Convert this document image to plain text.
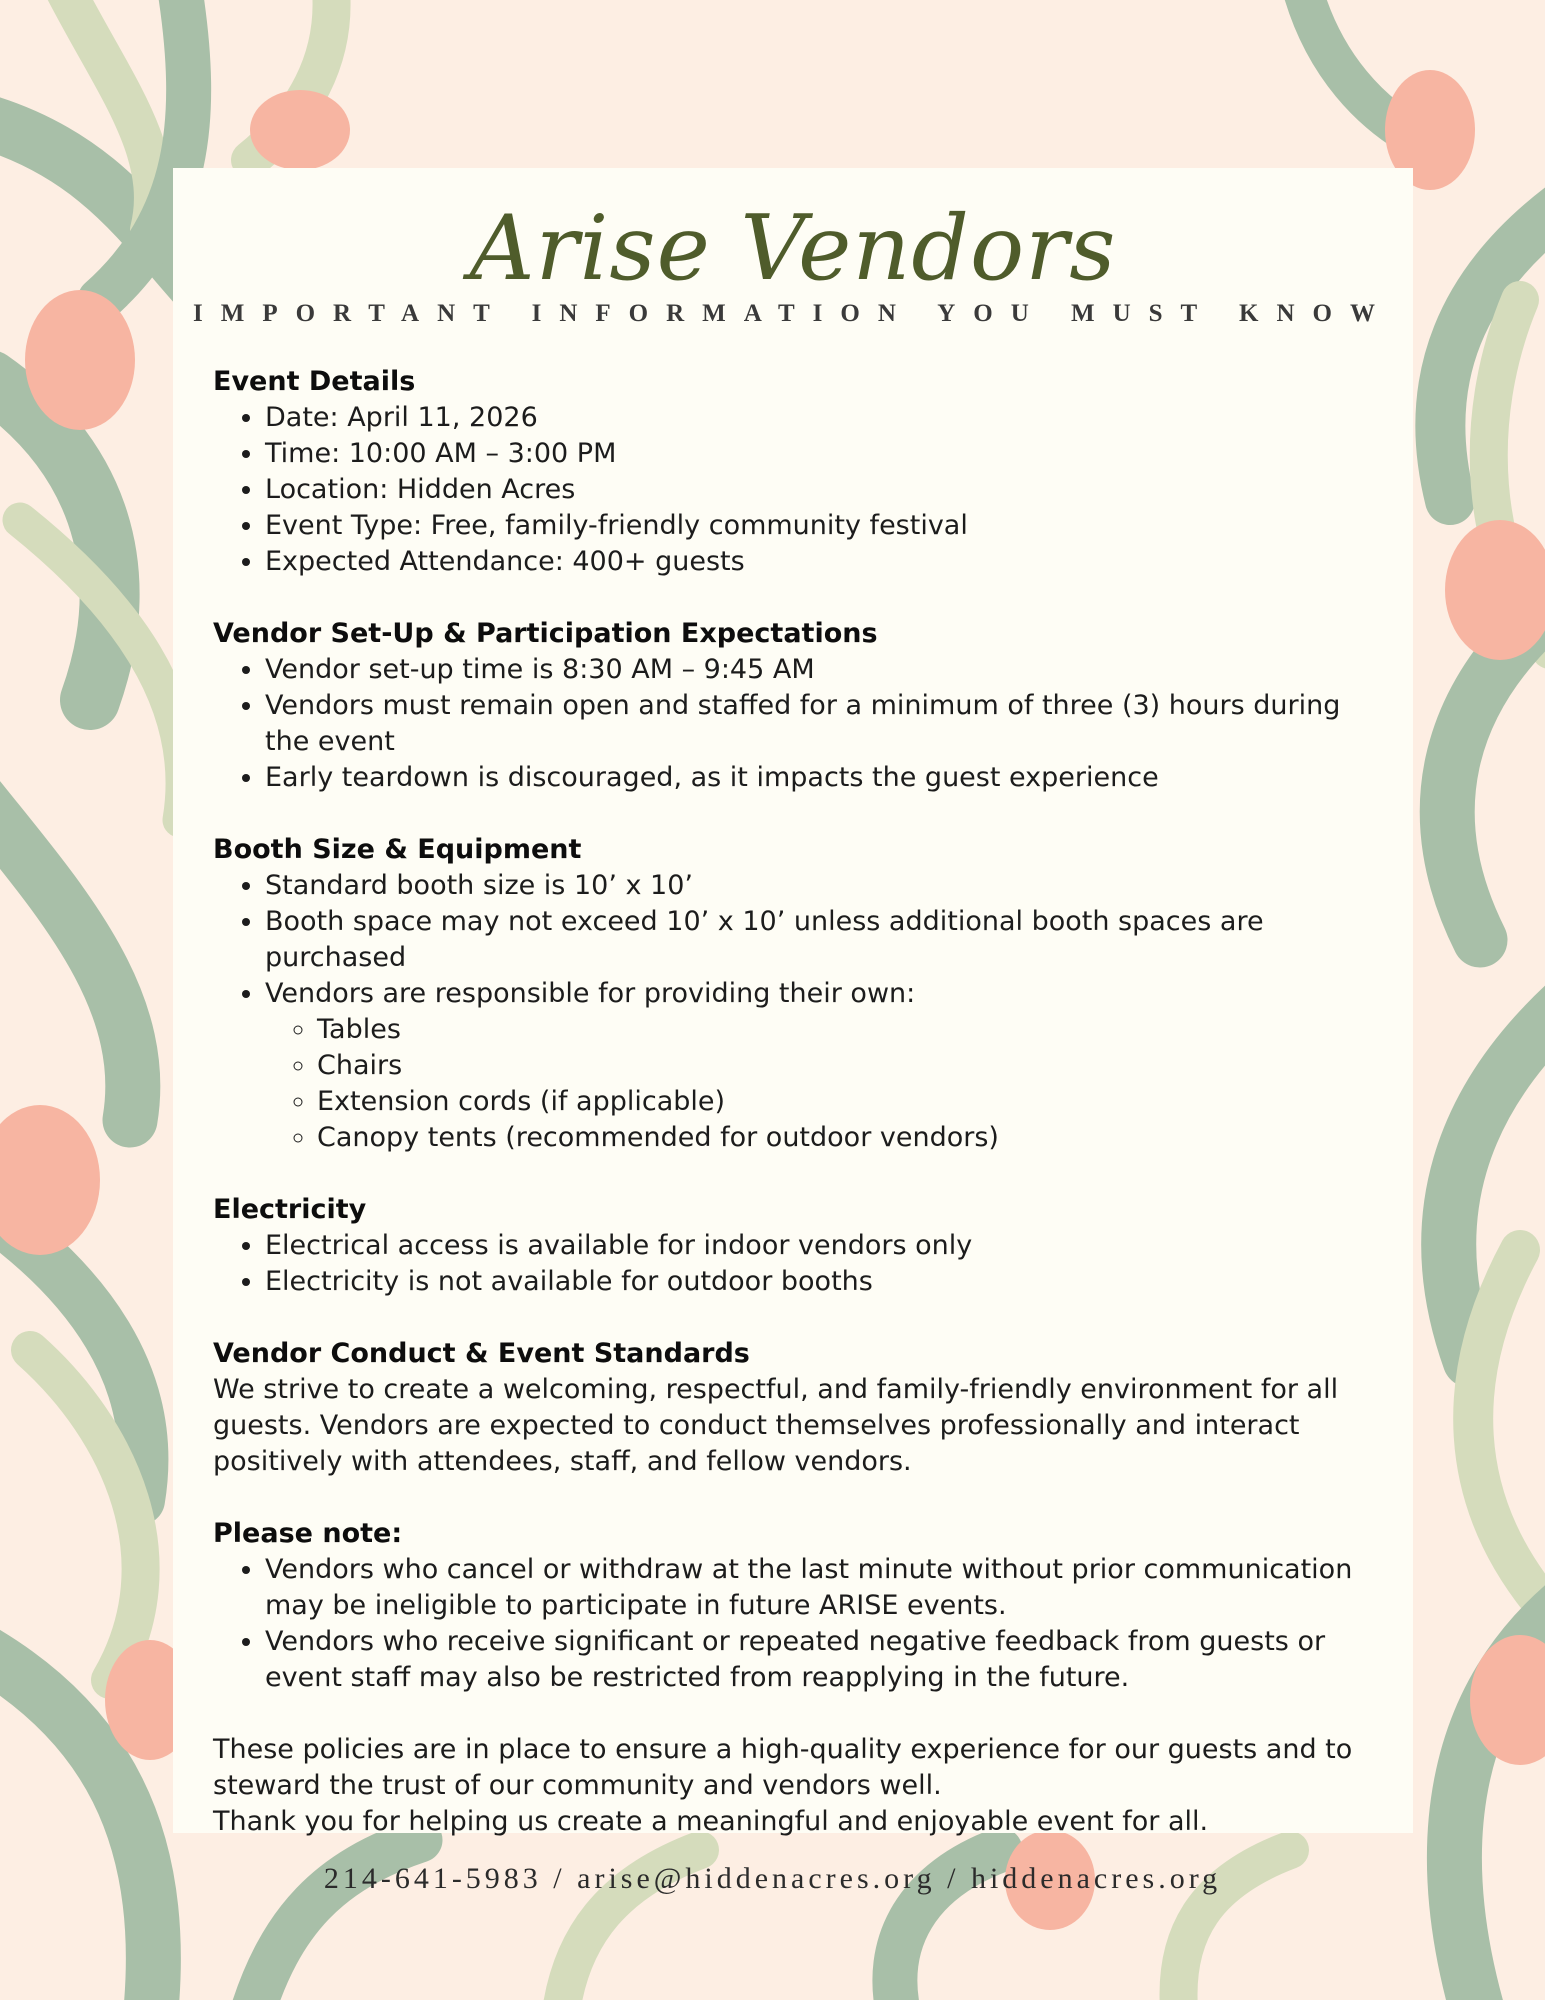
Arise Vendors
IMPORTANT INFORMATION YOU MUST KNOW
Event Details
• Date: April 11, 2026
• Time: 10:00 AM – 3:00 PM
• Location: Hidden Acres
• Event Type: Free, family-friendly community festival
• Expected Attendance: 400+ guests
Vendor Set-Up & Participation Expectations
• Vendor set-up time is 8:30 AM – 9:45 AM
• Vendors must remain open and staffed for a minimum of three (3) hours during the event
• Early teardown is discouraged, as it impacts the guest experience
Booth Size & Equipment
• Standard booth size is 10’ x 10’
• Booth space may not exceed 10’ x 10’ unless additional booth spaces are purchased
• Vendors are responsible for providing their own:
◦ Tables
◦ Chairs
◦ Extension cords (if applicable)
◦ Canopy tents (recommended for outdoor vendors)
Electricity
• Electrical access is available for indoor vendors only
• Electricity is not available for outdoor booths
Vendor Conduct & Event Standards

We strive to create a welcoming, respectful, and family-friendly environment for all guests. Vendors are expected to conduct themselves professionally and interact positively with attendees, staff, and fellow vendors.

Please note:
• Vendors who cancel or withdraw at the last minute without prior communication may be ineligible to participate in future ARISE events.
• Vendors who receive significant or repeated negative feedback from guests or event staff may also be restricted from reapplying in the future.

These policies are in place to ensure a high-quality experience for our guests and to steward the trust of our community and vendors well.

Thank you for helping us create a meaningful and enjoyable event for all.

214-641-5983 / arise@hiddenacres.org / hiddenacres.org
